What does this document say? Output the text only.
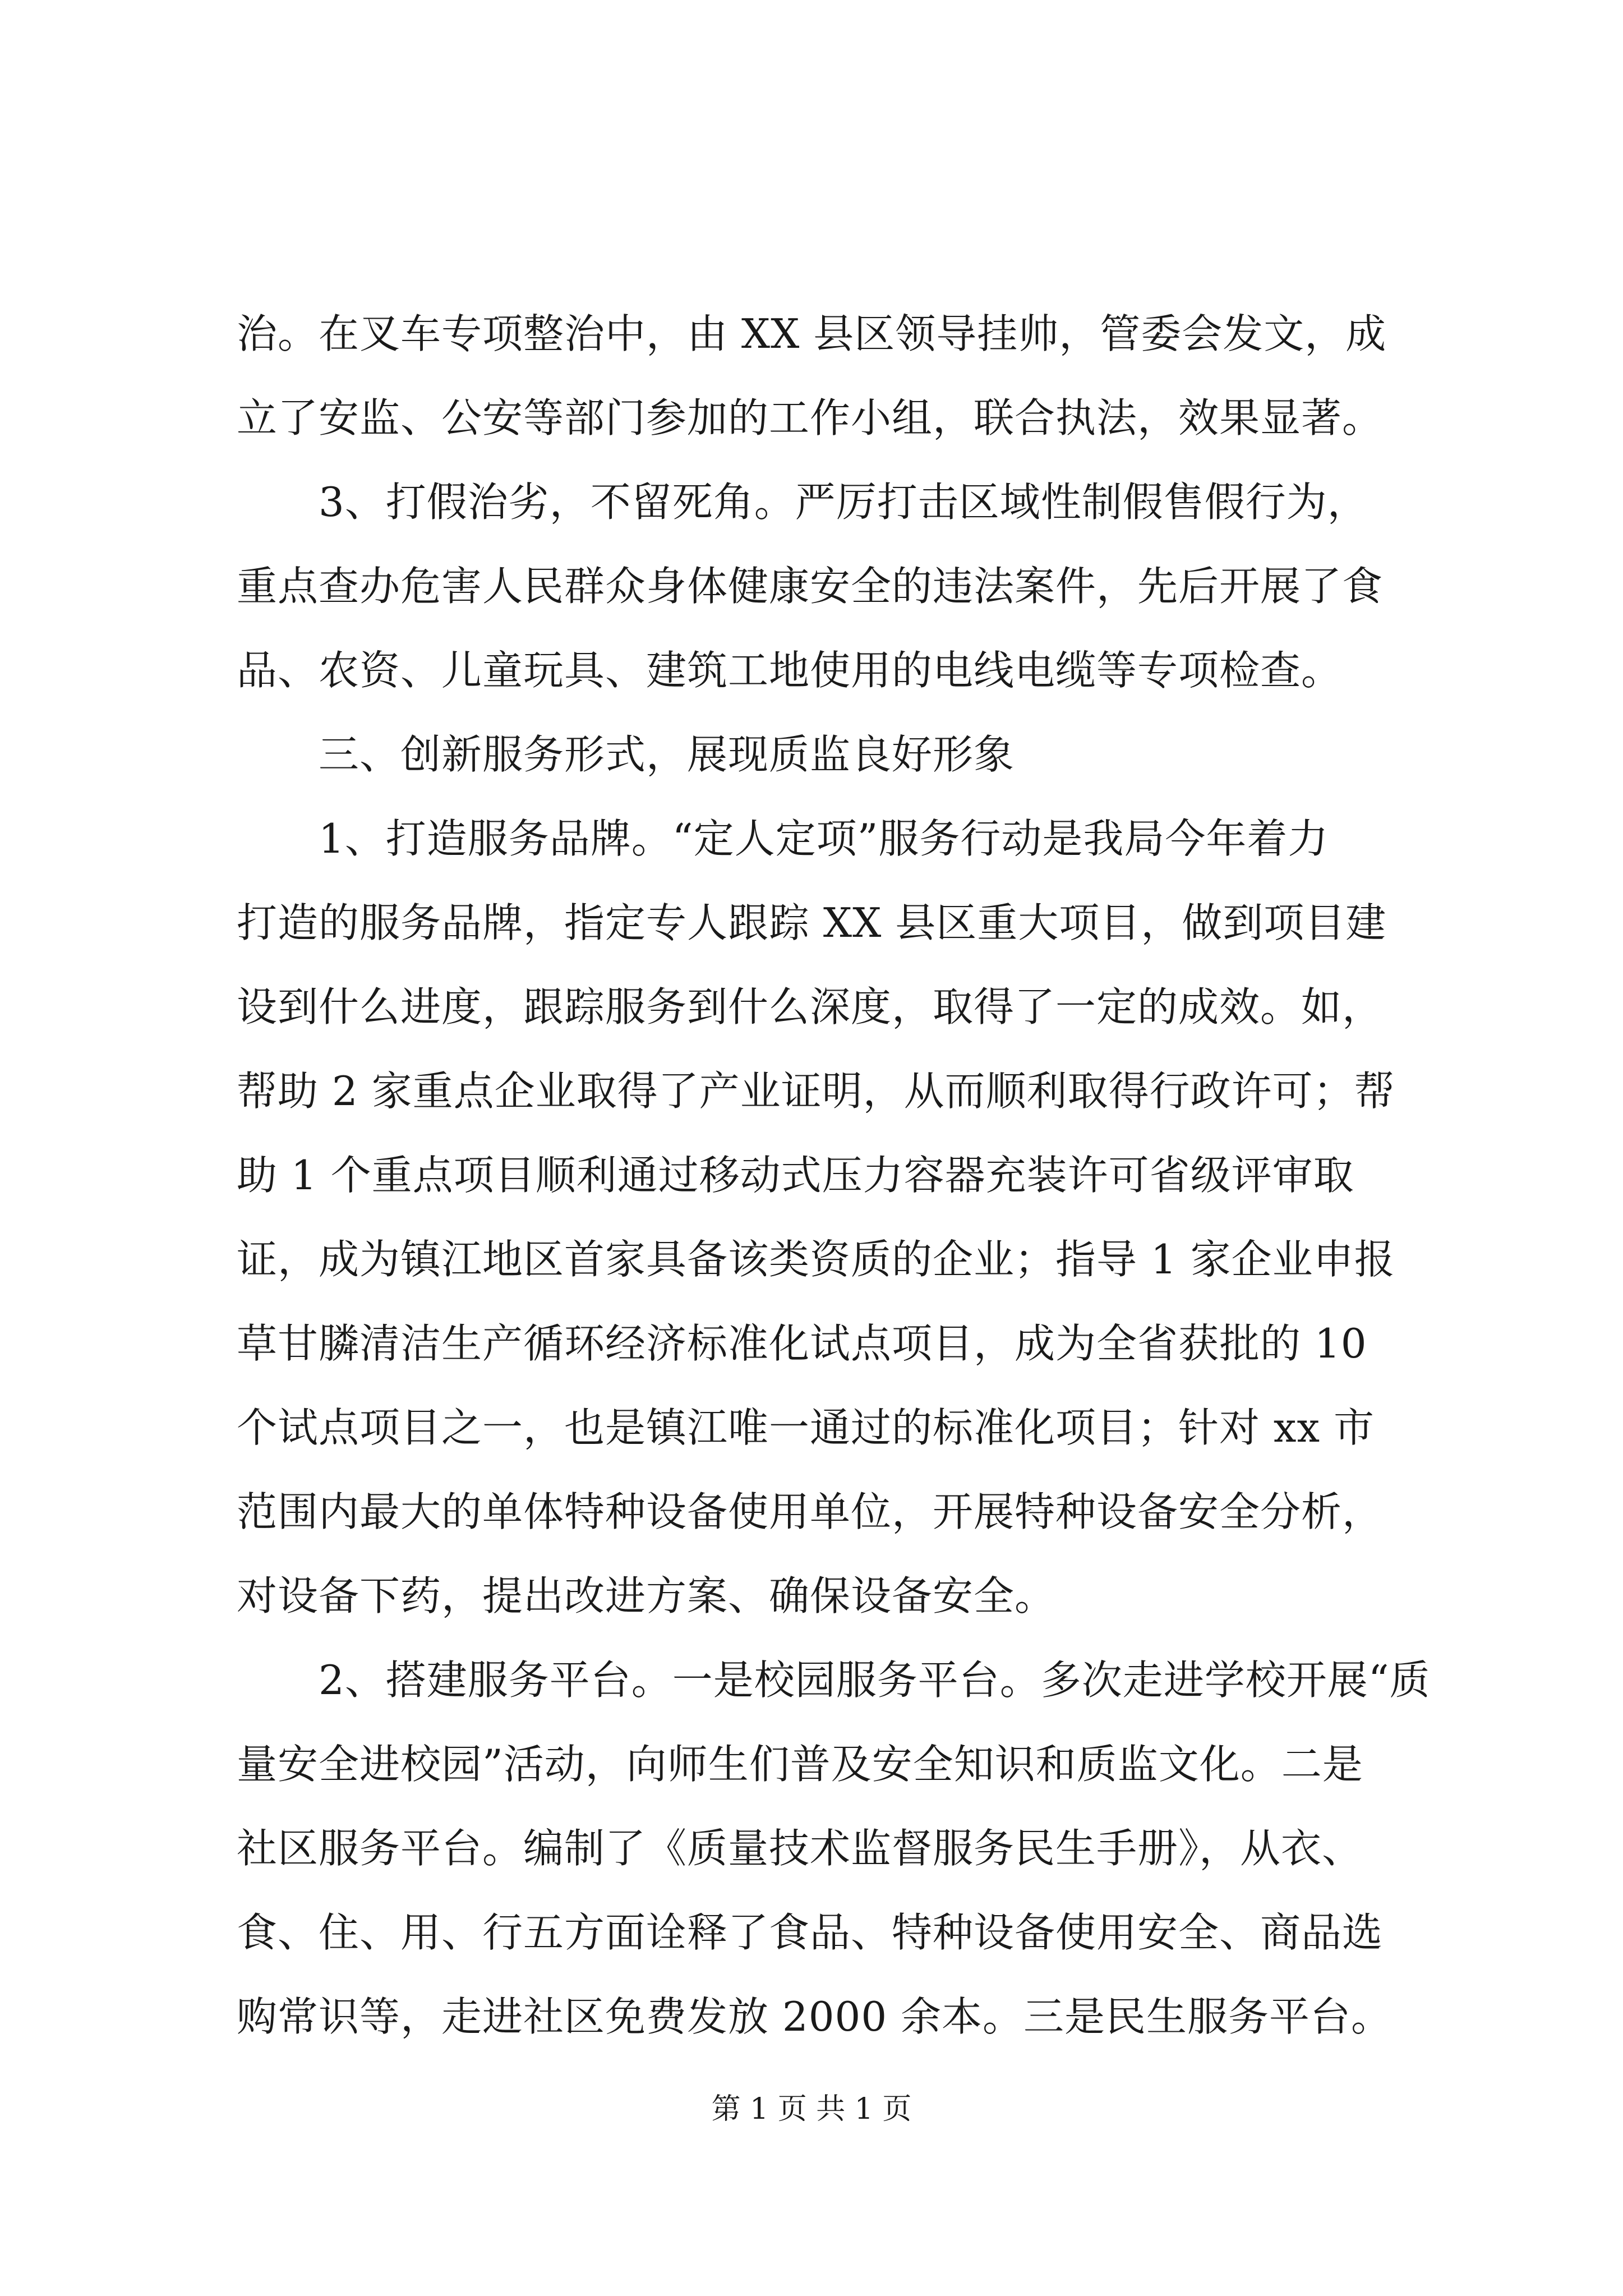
治。在叉车专项整治中，由 XX 县区领导挂帅，管委会发文，成
立了安监、公安等部门参加的工作小组，联合执法，效果显著。
　　3、打假治劣，不留死角。严厉打击区域性制假售假行为，
重点查办危害人民群众身体健康安全的违法案件，先后开展了食
品、农资、儿童玩具、建筑工地使用的电线电缆等专项检查。
　　三、创新服务形式，展现质监良好形象
　　1、打造服务品牌。“定人定项”服务行动是我局今年着力
打造的服务品牌，指定专人跟踪 XX 县区重大项目，做到项目建
设到什么进度，跟踪服务到什么深度，取得了一定的成效。如，
帮助 2 家重点企业取得了产业证明，从而顺利取得行政许可；帮
助 1 个重点项目顺利通过移动式压力容器充装许可省级评审取
证，成为镇江地区首家具备该类资质的企业；指导 1 家企业申报
草甘膦清洁生产循环经济标准化试点项目，成为全省获批的 10
个试点项目之一，也是镇江唯一通过的标准化项目；针对 xx 市
范围内最大的单体特种设备使用单位，开展特种设备安全分析，
对设备下药，提出改进方案、确保设备安全。
　　2、搭建服务平台。一是校园服务平台。多次走进学校开展“质
量安全进校园”活动，向师生们普及安全知识和质监文化。二是
社区服务平台。编制了《质量技术监督服务民生手册》，从衣、
食、住、用、行五方面诠释了食品、特种设备使用安全、商品选
购常识等，走进社区免费发放 2000 余本。三是民生服务平台。
第 1 页 共 1 页
